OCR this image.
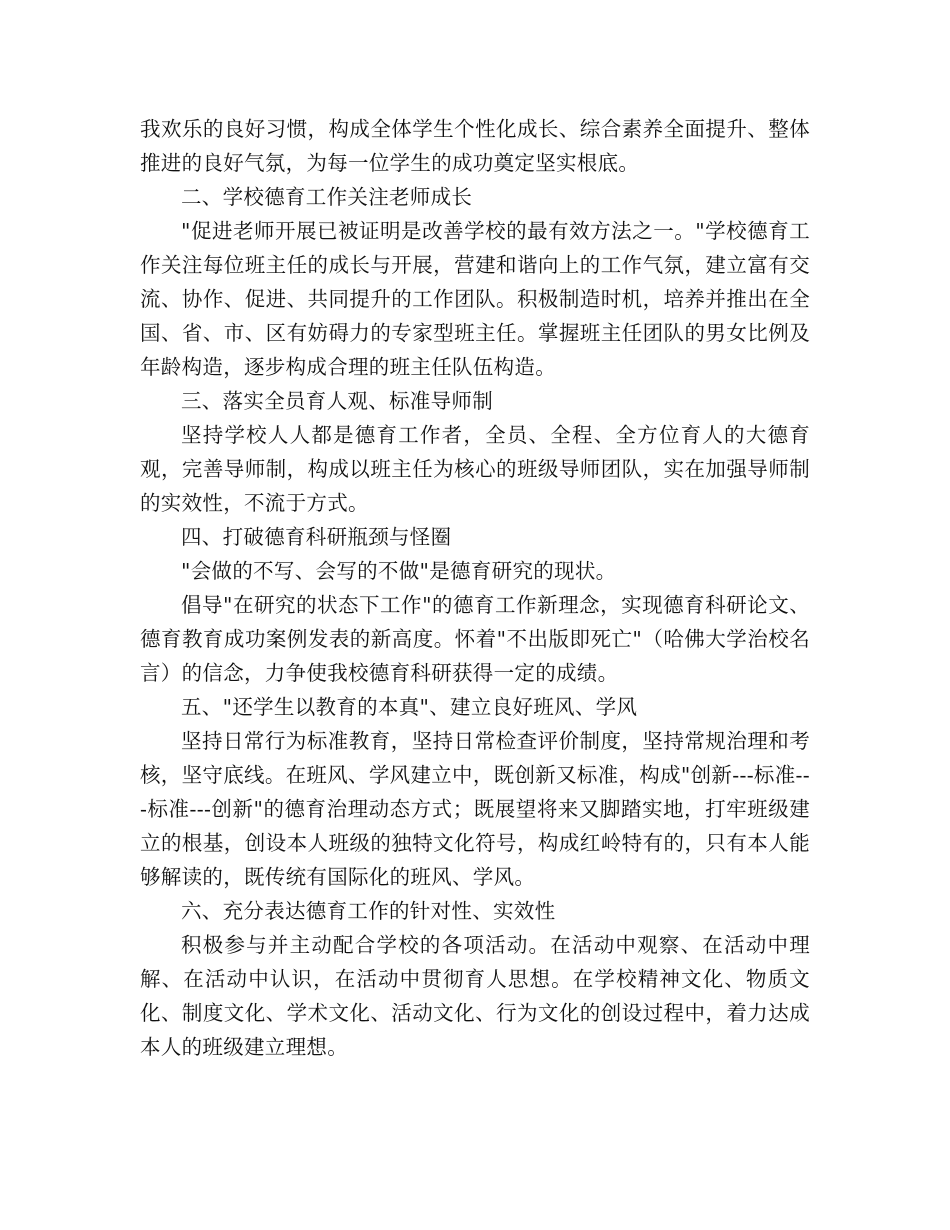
我欢乐的良好习惯，构成全体学生个性化成长、综合素养全面提升、整体推进的良好气氛，为每一位学生的成功奠定坚实根底。

二、学校德育工作关注老师成长

"促进老师开展已被证明是改善学校的最有效方法之一。"学校德育工作关注每位班主任的成长与开展，营建和谐向上的工作气氛，建立富有交流、协作、促进、共同提升的工作团队。积极制造时机，培养并推出在全国、省、市、区有妨碍力的专家型班主任。掌握班主任团队的男女比例及年龄构造，逐步构成合理的班主任队伍构造。

三、落实全员育人观、标准导师制

坚持学校人人都是德育工作者，全员、全程、全方位育人的大德育观，完善导师制，构成以班主任为核心的班级导师团队，实在加强导师制的实效性，不流于方式。

四、打破德育科研瓶颈与怪圈

"会做的不写、会写的不做"是德育研究的现状。

倡导"在研究的状态下工作"的德育工作新理念，实现德育科研论文、德育教育成功案例发表的新高度。怀着"不出版即死亡"（哈佛大学治校名言）的信念，力争使我校德育科研获得一定的成绩。

五、"还学生以教育的本真"、建立良好班风、学风

坚持日常行为标准教育，坚持日常检查评价制度，坚持常规治理和考核，坚守底线。在班风、学风建立中，既创新又标准，构成"创新---标准---标准---创新"的德育治理动态方式；既展望将来又脚踏实地，打牢班级建立的根基，创设本人班级的独特文化符号，构成红岭特有的，只有本人能够解读的，既传统有国际化的班风、学风。

六、充分表达德育工作的针对性、实效性

积极参与并主动配合学校的各项活动。在活动中观察、在活动中理解、在活动中认识，在活动中贯彻育人思想。在学校精神文化、物质文化、制度文化、学术文化、活动文化、行为文化的创设过程中，着力达成本人的班级建立理想。
